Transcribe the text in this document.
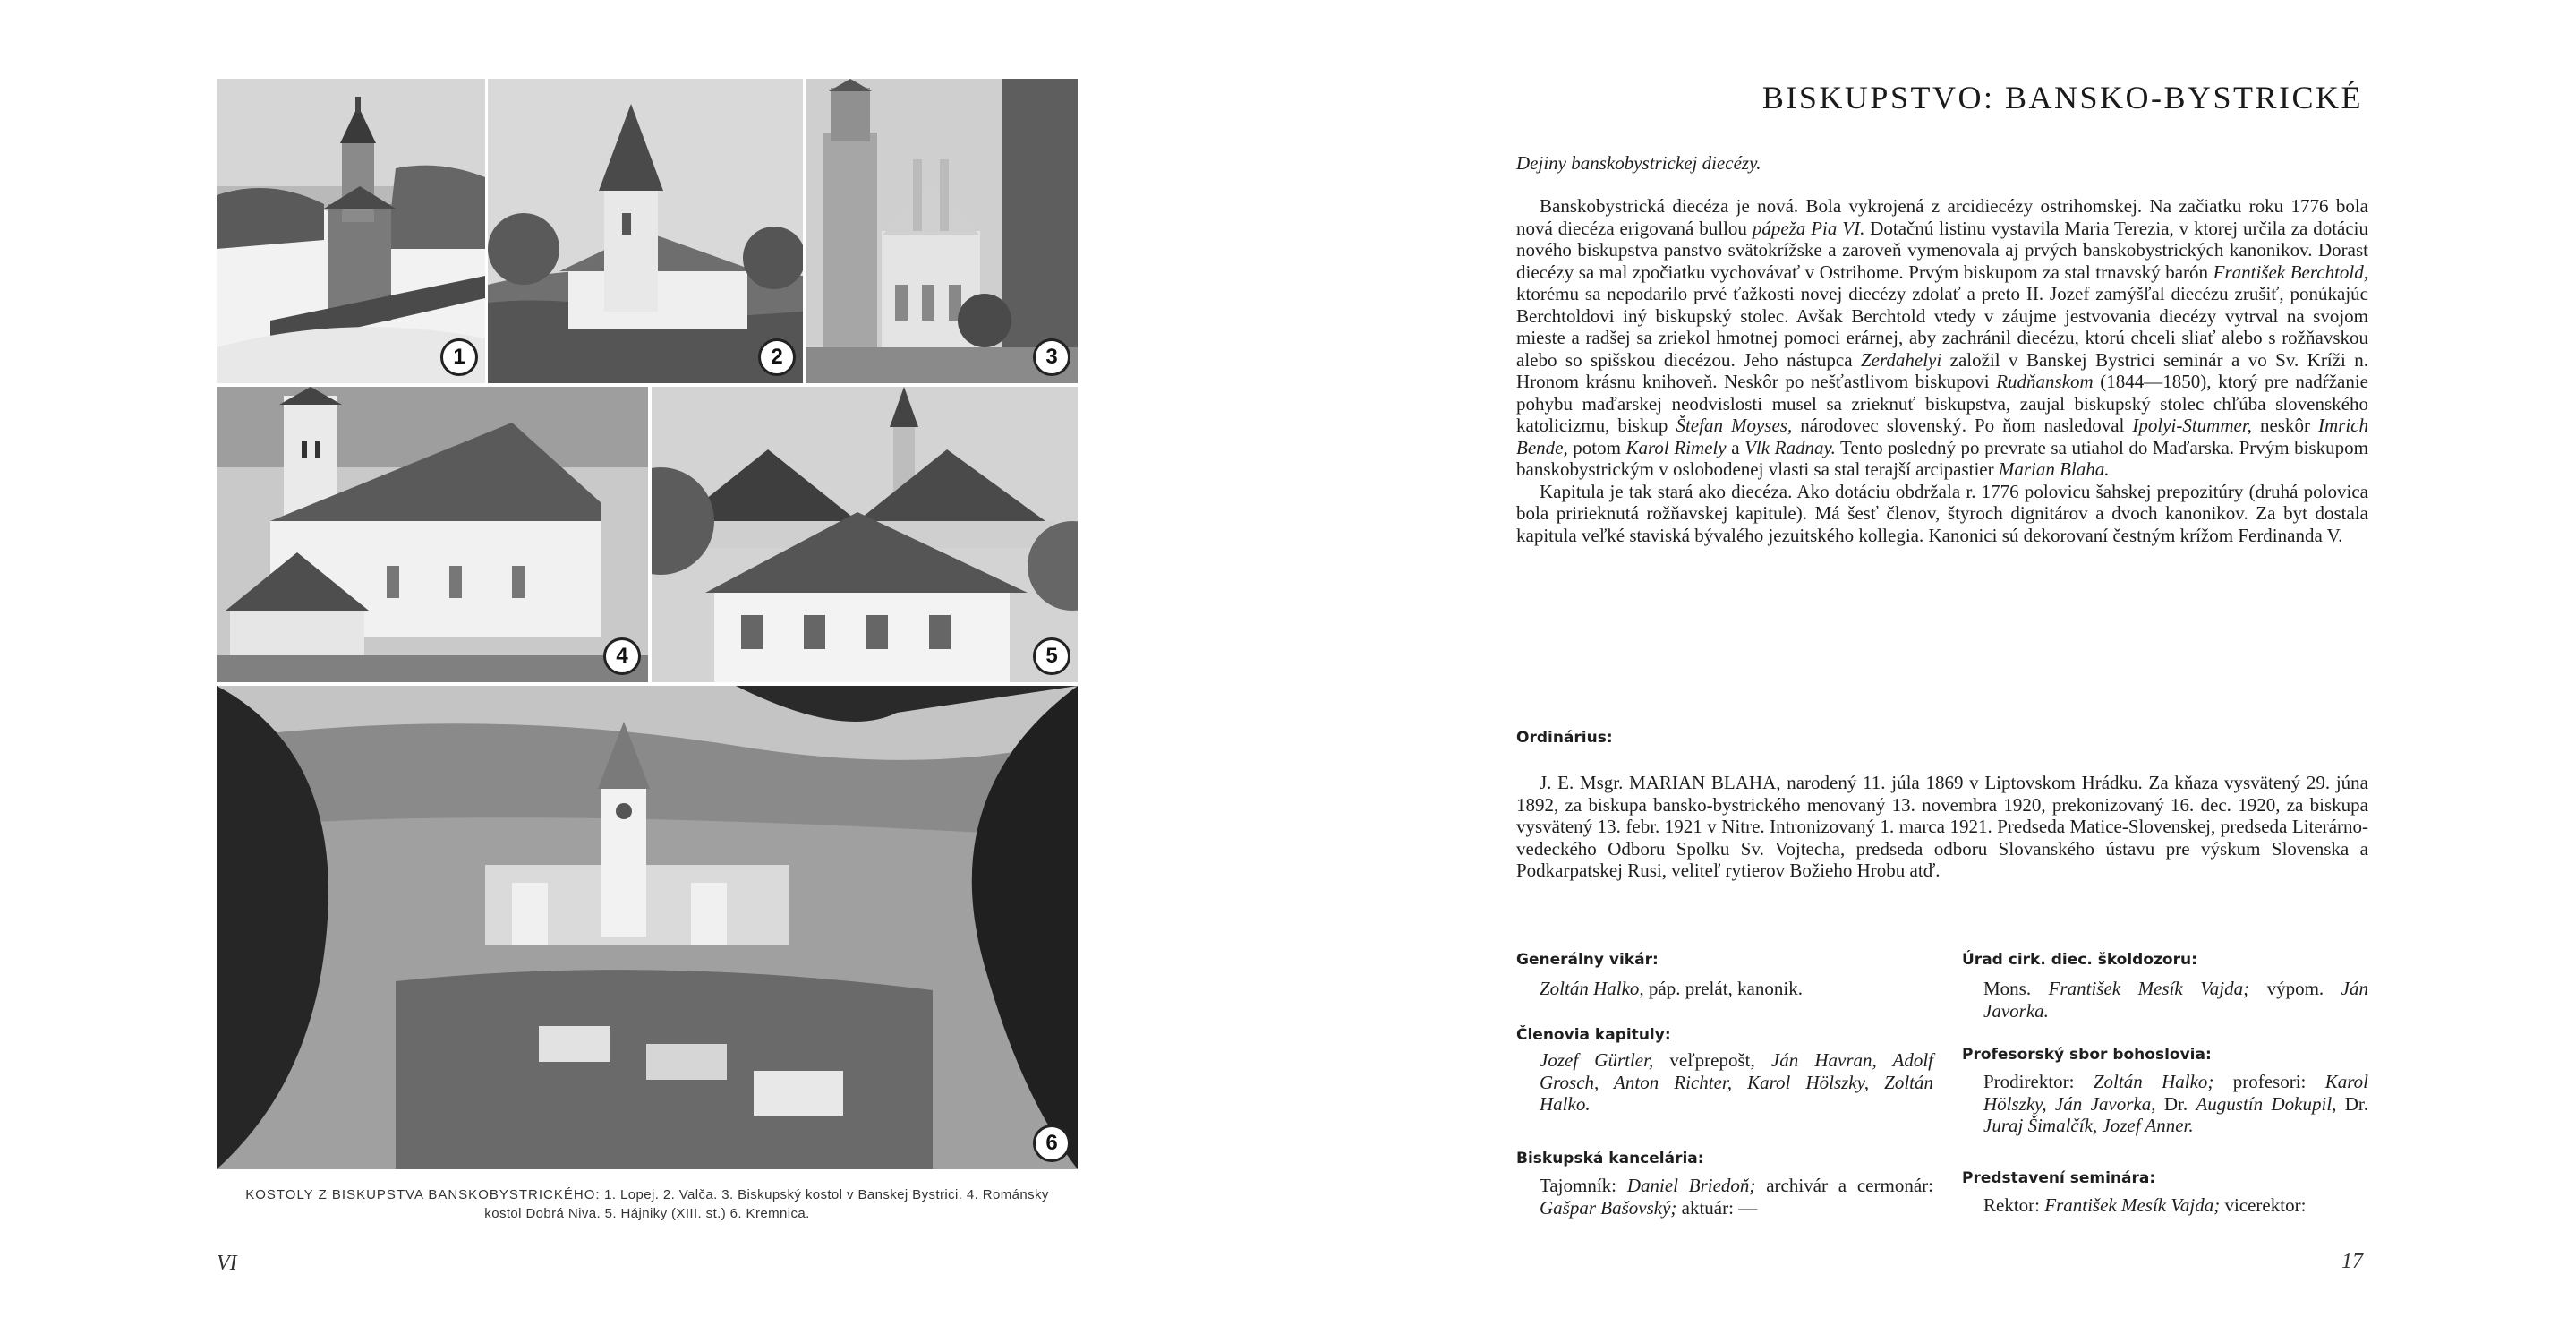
1	2	3
4	5
6
KOSTOLY Z BISKUPSTVA BANSKOBYSTRICKÉHO: 1. Lopej. 2. Valča. 3. Biskupský kostol v Banskej Bystrici. 4. Románsky
kostol Dobrá Niva. 5. Hájniky (XIII. st.) 6. Kremnica.
VI
BISKUPSTVO: BANSKO-BYSTRICKÉ
Dejiny banskobystrickej diecézy.

Banskobystrická diecéza je nová. Bola vykrojená z arcidiecézy ostrihomskej. Na začiatku roku 1776 bola nová diecéza erigovaná bullou pápeža Pia VI. Dotačnú listinu vystavila Maria Terezia, v ktorej určila za dotáciu nového biskupstva panstvo svätokrížske a zaroveň vymenovala aj prvých banskobystrických kanonikov. Dorast diecézy sa mal zpočiatku vychovávať v Ostrihome. Prvým biskupom za stal trnavský barón František Berchtold, ktorému sa nepodarilo prvé ťažkosti novej diecézy zdolať a preto II. Jozef zamýšľal diecézu zrušiť, ponúkajúc Berchtoldovi iný biskupský stolec. Avšak Berchtold vtedy v záujme jestvovania diecézy vytrval na svojom mieste a radšej sa zriekol hmotnej pomoci erárnej, aby zachránil diecézu, ktorú chceli sliať alebo s rožňavskou alebo so spišskou diecézou. Jeho nástupca Zerdahelyi založil v Banskej Bystrici seminár a vo Sv. Kríži n. Hronom krásnu knihoveň. Neskôr po nešťastlivom biskupovi Rudňanskom (1844—1850), ktorý pre nadŕžanie pohybu maďarskej neodvislosti musel sa zrieknuť biskupstva, zaujal biskupský stolec chľúba slovenského katolicizmu, biskup Štefan Moyses, národovec slovenský. Po ňom nasledoval Ipolyi-Stummer, neskôr Imrich Bende, potom Karol Rimely a Vlk Radnay. Tento posledný po prevrate sa utiahol do Maďarska. Prvým biskupom banskobystrickým v oslobodenej vlasti sa stal terajší arcipastier Marian Blaha.

Kapitula je tak stará ako diecéza. Ako dotáciu obdržala r. 1776 polovicu šahskej prepozitúry (druhá polovica bola pririeknutá rožňavskej kapitule). Má šesť členov, štyroch dignitárov a dvoch kanonikov. Za byt dostala kapitula veľké staviská bývalého jezuitského kollegia. Kanonici sú dekorovaní čestným krížom Ferdinanda V.

Ordinárius:

J. E. Msgr. MARIAN BLAHA, narodený 11. júla 1869 v Liptovskom Hrádku. Za kňaza vysvätený 29. júna 1892, za biskupa bansko-bystrického menovaný 13. novembra 1920, prekonizovaný 16. dec. 1920, za biskupa vysvätený 13. febr. 1921 v Nitre. Intronizovaný 1. marca 1921. Predseda Matice-Slovenskej, predseda Literárno-vedeckého Odboru Spolku Sv. Vojtecha, predseda odboru Slovanského ústavu pre výskum Slovenska a Podkarpatskej Rusi, veliteľ rytierov Božieho Hrobu atď.

Generálny vikár:

Zoltán Halko, páp. prelát, kanonik.

Členovia kapituly:

Jozef Gürtler, veľprepošt, Ján Havran, Adolf Grosch, Anton Richter, Karol Hölszky, Zoltán Halko.

Biskupská kancelária:

Tajomník: Daniel Briedoň; archivár a cermonár: Gašpar Bašovský; aktuár: —

Úrad cirk. diec. školdozoru:

Mons. František Mesík Vajda; výpom. Ján Javorka.

Profesorský sbor bohoslovia:

Prodirektor: Zoltán Halko; profesori: Karol Hölszky, Ján Javorka, Dr. Augustín Dokupil, Dr. Juraj Šimalčík, Jozef Anner.

Predstavení seminára:

Rektor: František Mesík Vajda; vicerektor:

17
